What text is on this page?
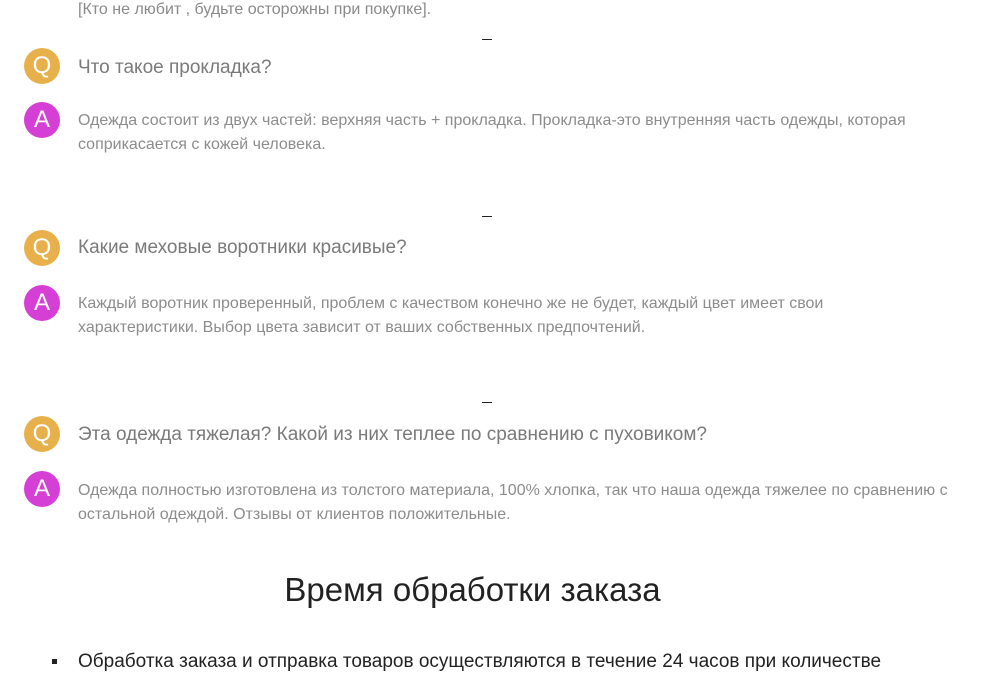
[Кто не любит , будьте осторожны при покупке].
Q	Что такое прокладка?
A	Одежда состоит из двух частей: верхняя часть + прокладка. Прокладка-это внутренняя часть одежды, которая соприкасается с кожей человека.
Q	Какие меховые воротники красивые?
A	Каждый воротник проверенный, проблем с качеством конечно же не будет, каждый цвет имеет свои характеристики. Выбор цвета зависит от ваших собственных предпочтений.
Q	Эта одежда тяжелая? Какой из них теплее по сравнению с пуховиком?
A	Одежда полностью изготовлена из толстого материала, 100% хлопка, так что наша одежда тяжелее по сравнению с остальной одеждой. Отзывы от клиентов положительные.
Время обработки заказа
Обработка заказа и отправка товаров осуществляются в течение 24 часов при количестве
